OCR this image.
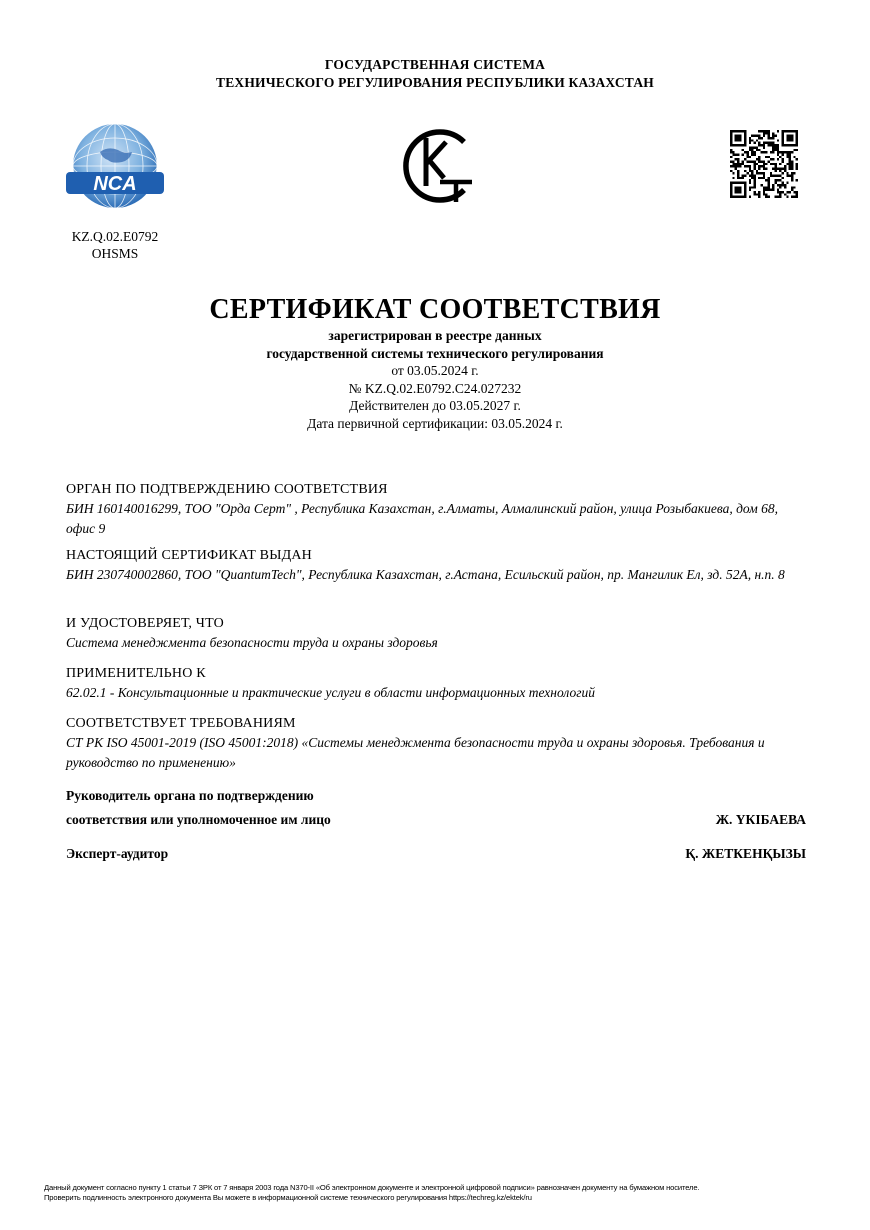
ГОСУДАРСТВЕННАЯ СИСТЕМА
ТЕХНИЧЕСКОГО РЕГУЛИРОВАНИЯ РЕСПУБЛИКИ КАЗАХСТАН
NCA
KZ.Q.02.E0792
OHSMS
СЕРТИФИКАТ СООТВЕТСТВИЯ
зарегистрирован в реестре данных
государственной системы технического регулирования
от 03.05.2024 г.
№ KZ.Q.02.E0792.C24.027232
Действителен до 03.05.2027 г.
Дата первичной сертификации: 03.05.2024 г.
ОРГАН ПО ПОДТВЕРЖДЕНИЮ СООТВЕТСТВИЯ
БИН 160140016299, ТОО "Орда Серт" , Республика Казахстан, г.Алматы, Алмалинский район, улица Розыбакиева, дом 68, офис 9
НАСТОЯЩИЙ СЕРТИФИКАТ ВЫДАН
БИН 230740002860, ТОО "QuantumTech", Республика Казахстан, г.Астана, Есильский район, пр. Мангилик Ел, зд. 52А, н.п. 8
И УДОСТОВЕРЯЕТ, ЧТО
Система менеджмента безопасности труда и охраны здоровья
ПРИМЕНИТЕЛЬНО К
62.02.1 - Консультационные и практические услуги в области информационных технологий
СООТВЕТСТВУЕТ ТРЕБОВАНИЯМ
СТ РК ISO 45001-2019 (ISO 45001:2018) «Системы менеджмента безопасности труда и охраны здоровья. Требования и руководство по применению»
Руководитель органа по подтверждению
соответствия или уполномоченное им лицо	Ж. ҮКІБАЕВА
Эксперт-аудитор	Қ. ЖЕТКЕНҚЫЗЫ
Данный документ согласно пункту 1 статьи 7 ЗРК от 7 января 2003 года N370-II «Об электронном документе и электронной цифровой подписи» равнозначен документу на бумажном носителе.
Проверить подлинность электронного документа Вы можете в информационной системе технического регулирования https://techreg.kz/ektek/ru
